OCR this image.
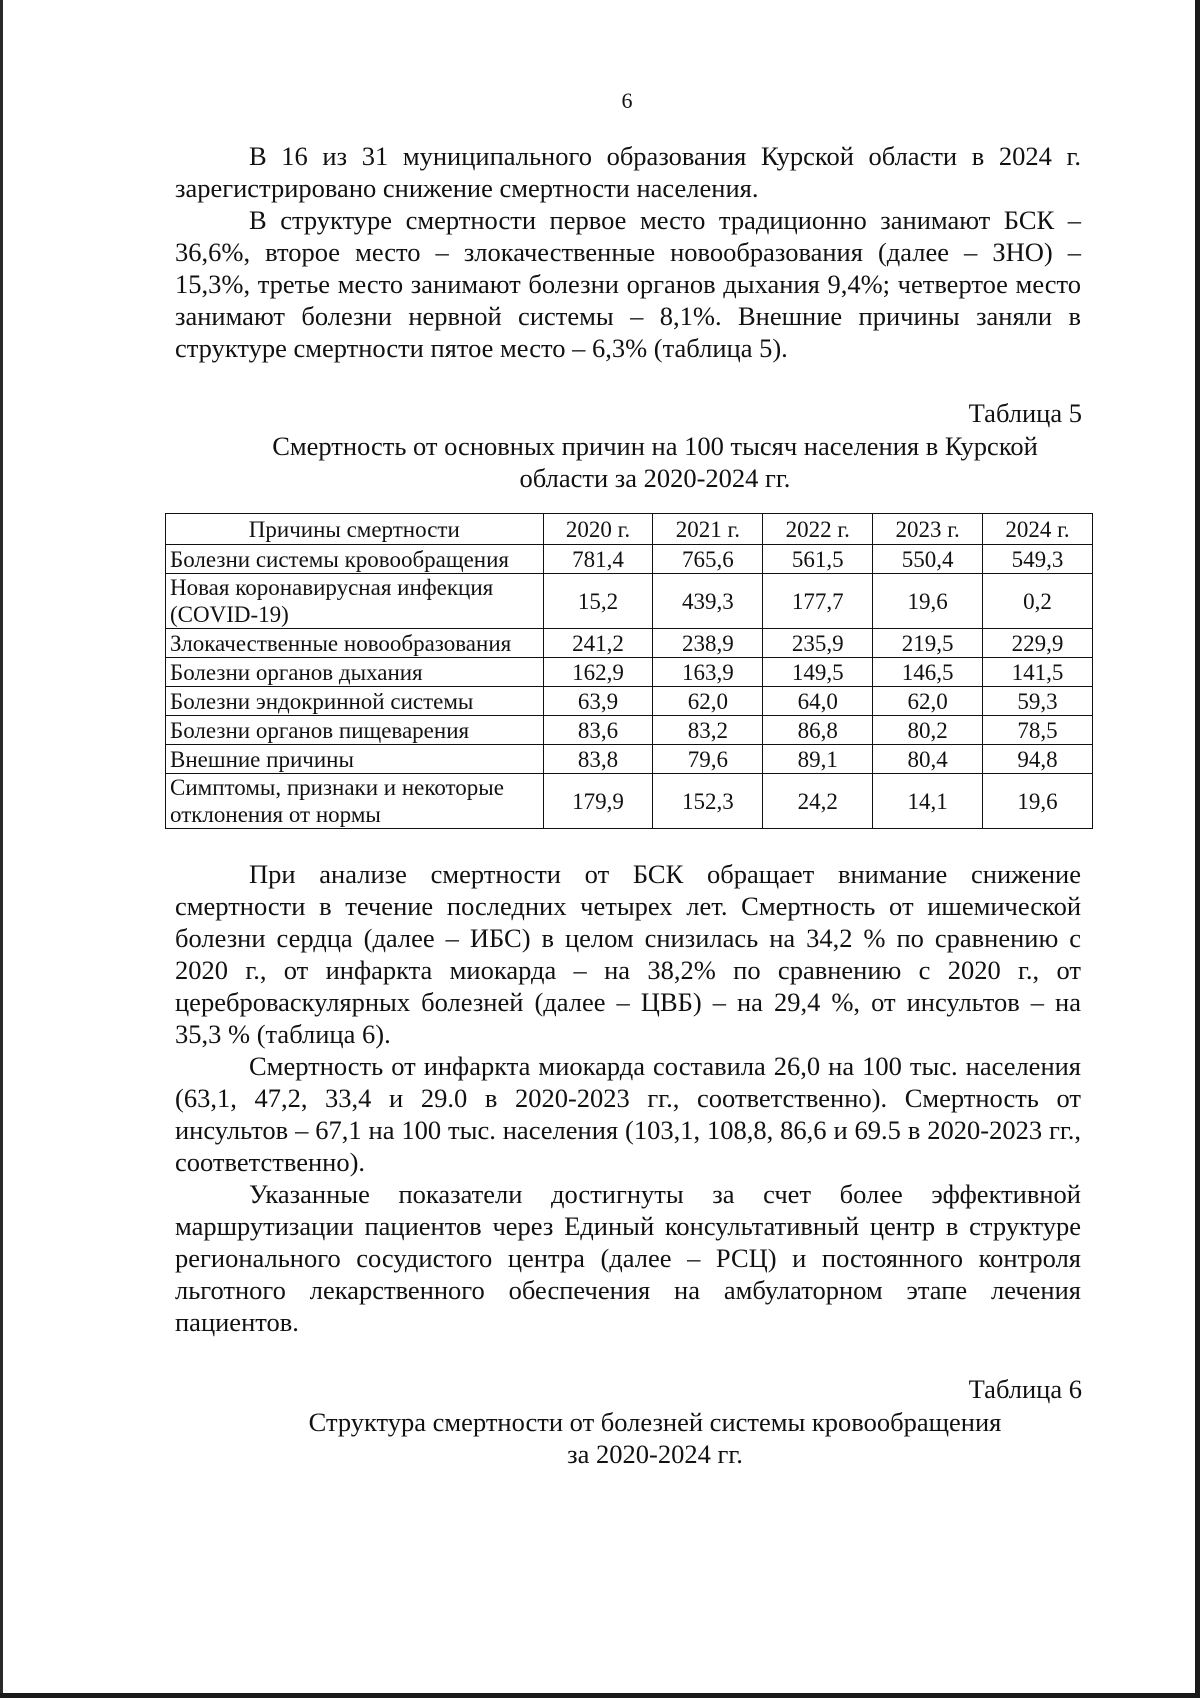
6

В 16 из 31 муниципального образования Курской области в 2024 г. зарегистрировано снижение смертности населения.

В структуре смертности первое место традиционно занимают БСК – 36,6%, второе место – злокачественные новообразования (далее – ЗНО) – 15,3%, третье место занимают болезни органов дыхания 9,4%; четвертое место занимают болезни нервной системы – 8,1%. Внешние причины заняли в структуре смертности пятое место – 6,3% (таблица 5).

Таблица 5
Смертность от основных причин на 100 тысяч населения в Курской области за 2020-2024 гг.
Причины смертности	2020 г.	2021 г.	2022 г.	2023 г.	2024 г.
Болезни системы кровообращения	781,4	765,6	561,5	550,4	549,3
Новая коронавирусная инфекция (COVID-19)	15,2	439,3	177,7	19,6	0,2
Злокачественные новообразования	241,2	238,9	235,9	219,5	229,9
Болезни органов дыхания	162,9	163,9	149,5	146,5	141,5
Болезни эндокринной системы	63,9	62,0	64,0	62,0	59,3
Болезни органов пищеварения	83,6	83,2	86,8	80,2	78,5
Внешние причины	83,8	79,6	89,1	80,4	94,8
Симптомы, признаки и некоторые отклонения от нормы	179,9	152,3	24,2	14,1	19,6

При анализе смертности от БСК обращает внимание снижение смертности в течение последних четырех лет. Смертность от ишемической болезни сердца (далее – ИБС) в целом снизилась на 34,2 % по сравнению с 2020 г., от инфаркта миокарда – на 38,2% по сравнению с 2020 г., от цереброваскулярных болезней (далее – ЦВБ) – на 29,4 %, от инсультов – на 35,3 % (таблица 6).

Смертность от инфаркта миокарда составила 26,0 на 100 тыс. населения (63,1, 47,2, 33,4 и 29.0 в 2020-2023 гг., соответственно). Смертность от инсультов – 67,1 на 100 тыс. населения (103,1, 108,8, 86,6 и 69.5 в 2020-2023 гг., соответственно).

Указанные показатели достигнуты за счет более эффективной маршрутизации пациентов через Единый консультативный центр в структуре регионального сосудистого центра (далее – РСЦ) и постоянного контроля льготного лекарственного обеспечения на амбулаторном этапе лечения пациентов.

Таблица 6
Структура смертности от болезней системы кровообращения
за 2020-2024 гг.
